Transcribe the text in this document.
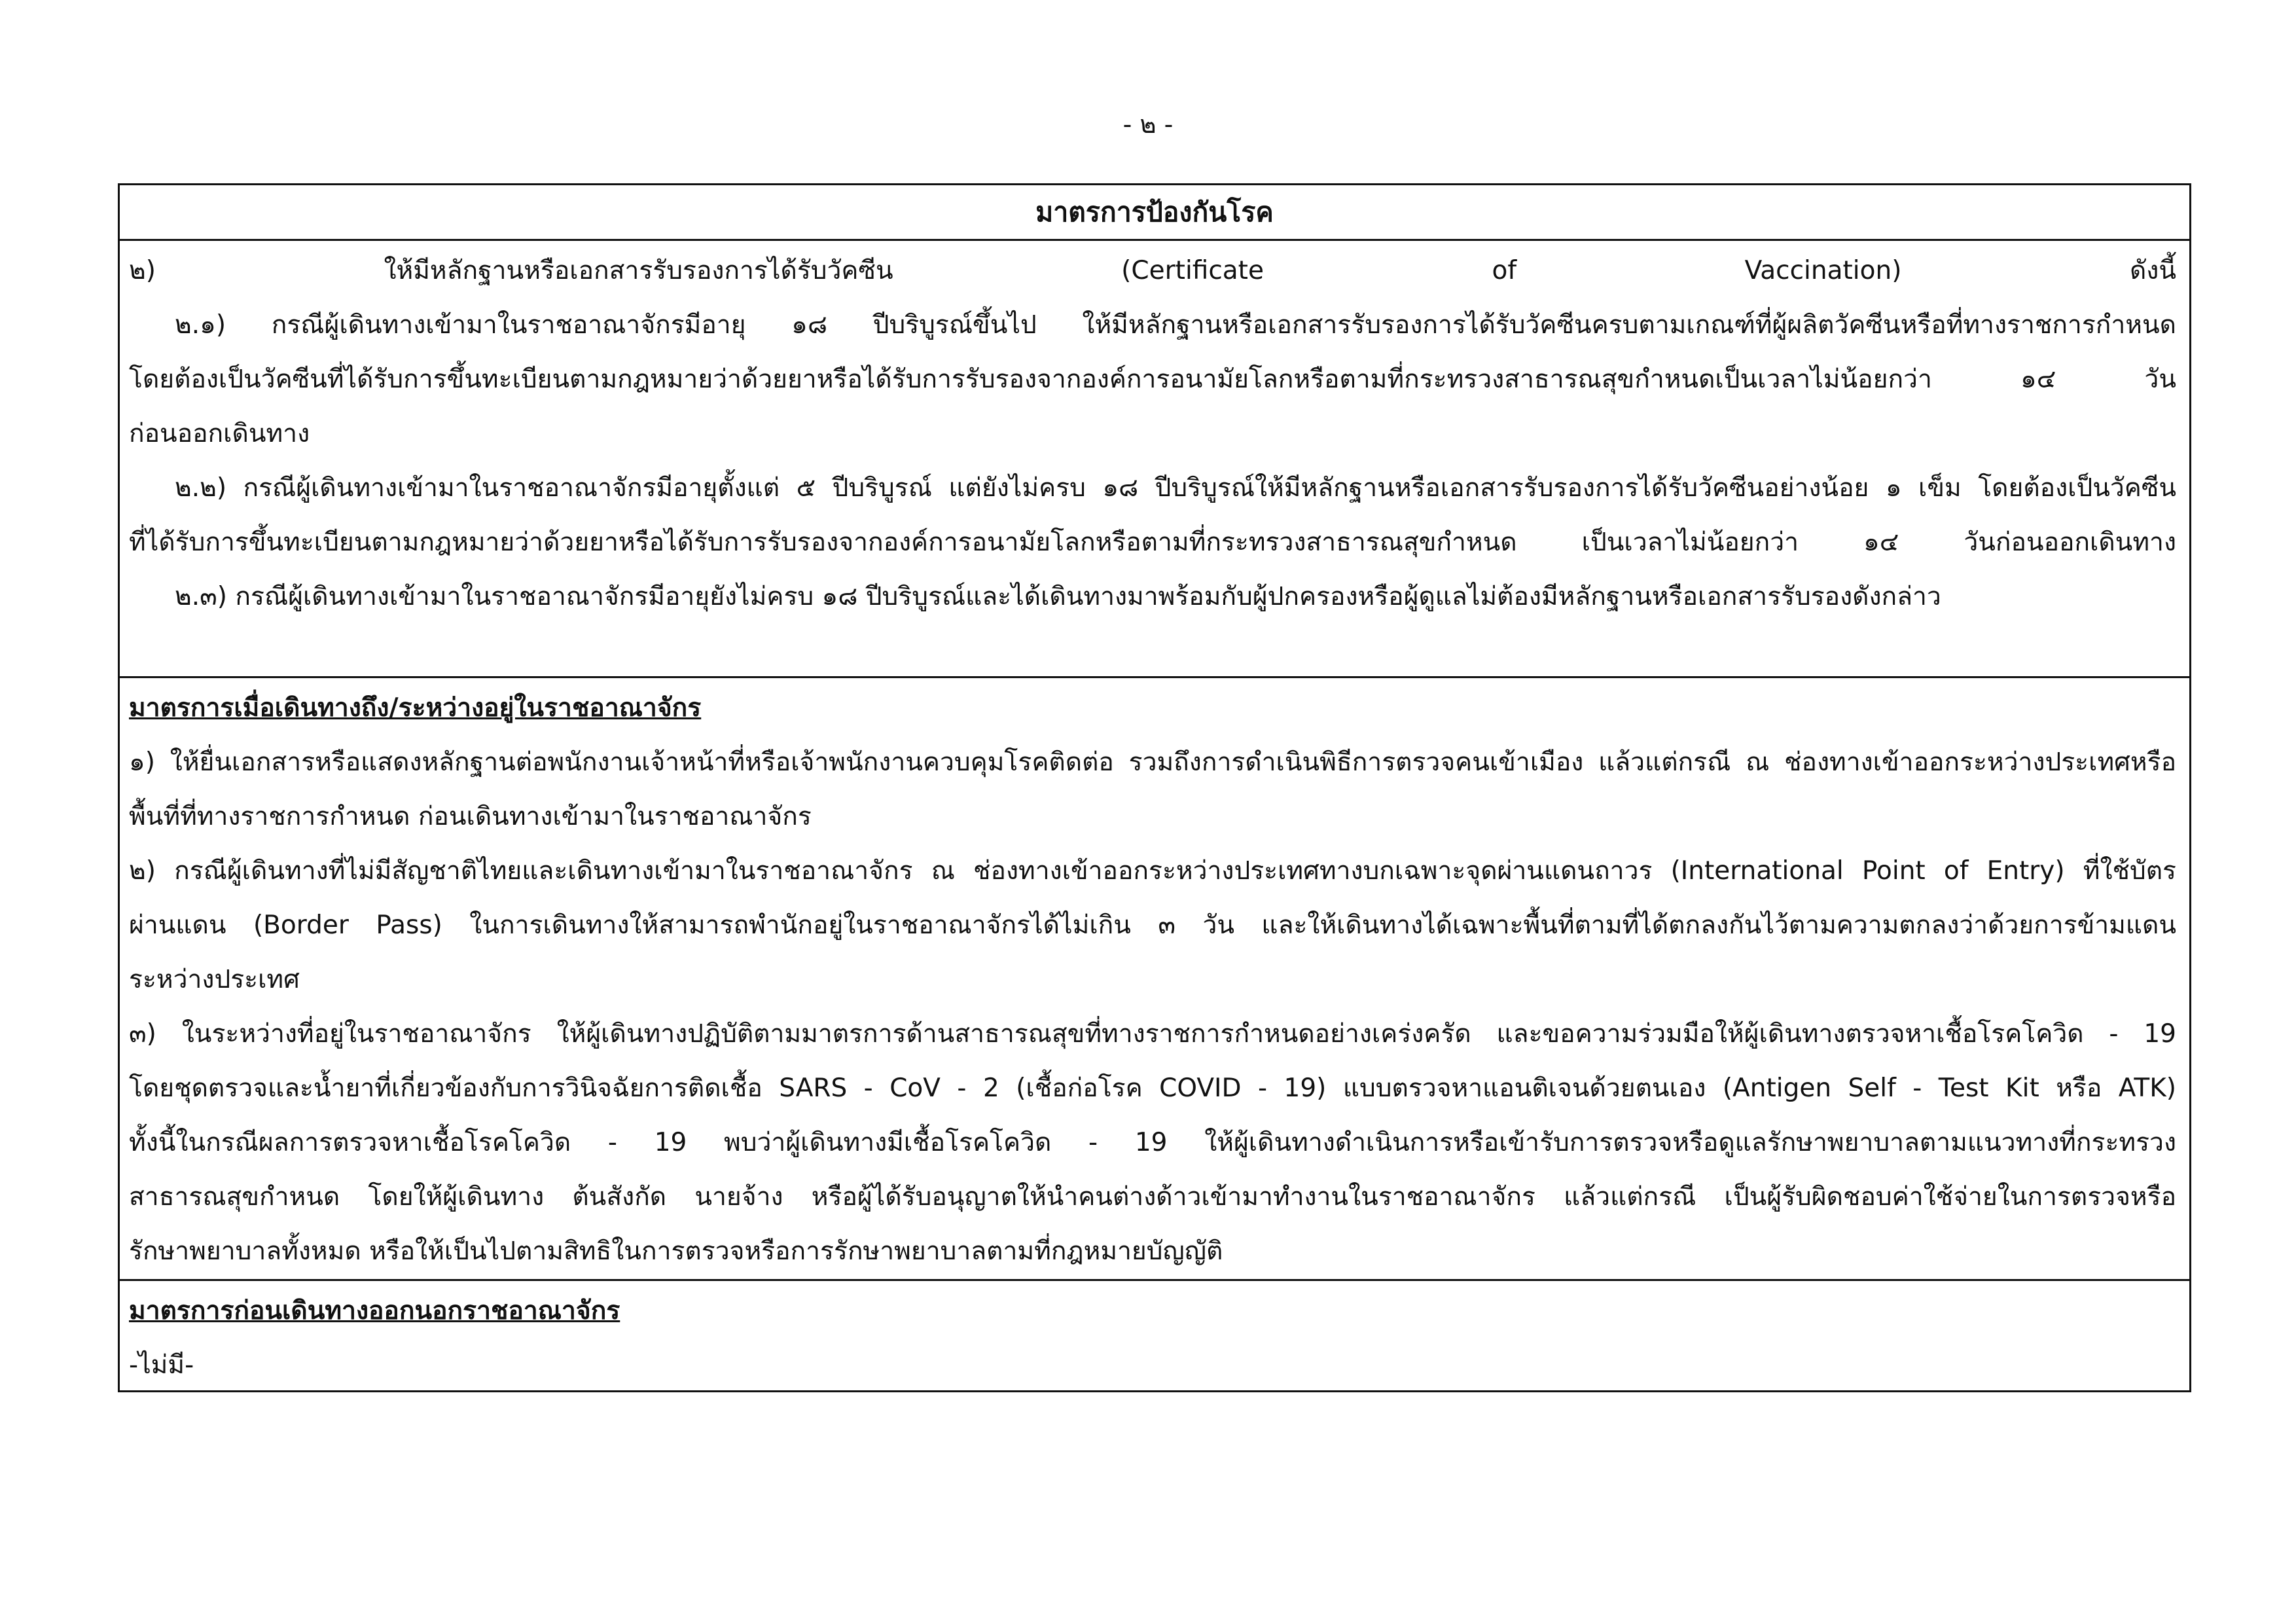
- ๒ -
มาตรการป้องกันโรค
๒) ให้มีหลักฐานหรือเอกสารรับรองการได้รับวัคซีน (Certificate of Vaccination) ดังนี้
๒.๑) กรณีผู้เดินทางเข้ามาในราชอาณาจักรมีอายุ ๑๘ ปีบริบูรณ์ขึ้นไป ให้มีหลักฐานหรือเอกสารรับรองการได้รับวัคซีนครบตามเกณฑ์ที่ผู้ผลิตวัคซีนหรือที่ทางราชการกำหนด
โดยต้องเป็นวัคซีนที่ได้รับการขึ้นทะเบียนตามกฎหมายว่าด้วยยาหรือได้รับการรับรองจากองค์การอนามัยโลกหรือตามที่กระทรวงสาธารณสุขกำหนดเป็นเวลาไม่น้อยกว่า ๑๔ วัน
ก่อนออกเดินทาง
๒.๒) กรณีผู้เดินทางเข้ามาในราชอาณาจักรมีอายุตั้งแต่ ๕ ปีบริบูรณ์ แต่ยังไม่ครบ ๑๘ ปีบริบูรณ์ให้มีหลักฐานหรือเอกสารรับรองการได้รับวัคซีนอย่างน้อย ๑ เข็ม โดยต้องเป็นวัคซีน
ที่ได้รับการขึ้นทะเบียนตามกฎหมายว่าด้วยยาหรือได้รับการรับรองจากองค์การอนามัยโลกหรือตามที่กระทรวงสาธารณสุขกำหนด เป็นเวลาไม่น้อยกว่า ๑๔ วันก่อนออกเดินทาง
๒.๓) กรณีผู้เดินทางเข้ามาในราชอาณาจักรมีอายุยังไม่ครบ ๑๘ ปีบริบูรณ์และได้เดินทางมาพร้อมกับผู้ปกครองหรือผู้ดูแลไม่ต้องมีหลักฐานหรือเอกสารรับรองดังกล่าว
มาตรการเมื่อเดินทางถึง/ระหว่างอยู่ในราชอาณาจักร
๑) ให้ยื่นเอกสารหรือแสดงหลักฐานต่อพนักงานเจ้าหน้าที่หรือเจ้าพนักงานควบคุมโรคติดต่อ รวมถึงการดำเนินพิธีการตรวจคนเข้าเมือง แล้วแต่กรณี ณ ช่องทางเข้าออกระหว่างประเทศหรือ
พื้นที่ที่ทางราชการกำหนด ก่อนเดินทางเข้ามาในราชอาณาจักร
๒) กรณีผู้เดินทางที่ไม่มีสัญชาติไทยและเดินทางเข้ามาในราชอาณาจักร ณ ช่องทางเข้าออกระหว่างประเทศทางบกเฉพาะจุดผ่านแดนถาวร (International Point of Entry) ที่ใช้บัตร
ผ่านแดน (Border Pass) ในการเดินทางให้สามารถพำนักอยู่ในราชอาณาจักรได้ไม่เกิน ๓ วัน และให้เดินทางได้เฉพาะพื้นที่ตามที่ได้ตกลงกันไว้ตามความตกลงว่าด้วยการข้ามแดน
ระหว่างประเทศ
๓) ในระหว่างที่อยู่ในราชอาณาจักร ให้ผู้เดินทางปฏิบัติตามมาตรการด้านสาธารณสุขที่ทางราชการกำหนดอย่างเคร่งครัด และขอความร่วมมือให้ผู้เดินทางตรวจหาเชื้อโรคโควิด - 19
โดยชุดตรวจและน้ำยาที่เกี่ยวข้องกับการวินิจฉัยการติดเชื้อ SARS - CoV - 2 (เชื้อก่อโรค COVID - 19) แบบตรวจหาแอนติเจนด้วยตนเอง (Antigen Self - Test Kit หรือ ATK)
ทั้งนี้ในกรณีผลการตรวจหาเชื้อโรคโควิด - 19 พบว่าผู้เดินทางมีเชื้อโรคโควิด - 19 ให้ผู้เดินทางดำเนินการหรือเข้ารับการตรวจหรือดูแลรักษาพยาบาลตามแนวทางที่กระทรวง
สาธารณสุขกำหนด โดยให้ผู้เดินทาง ต้นสังกัด นายจ้าง หรือผู้ได้รับอนุญาตให้นำคนต่างด้าวเข้ามาทำงานในราชอาณาจักร แล้วแต่กรณี เป็นผู้รับผิดชอบค่าใช้จ่ายในการตรวจหรือ
รักษาพยาบาลทั้งหมด หรือให้เป็นไปตามสิทธิในการตรวจหรือการรักษาพยาบาลตามที่กฎหมายบัญญัติ
มาตรการก่อนเดินทางออกนอกราชอาณาจักร
-ไม่มี-
